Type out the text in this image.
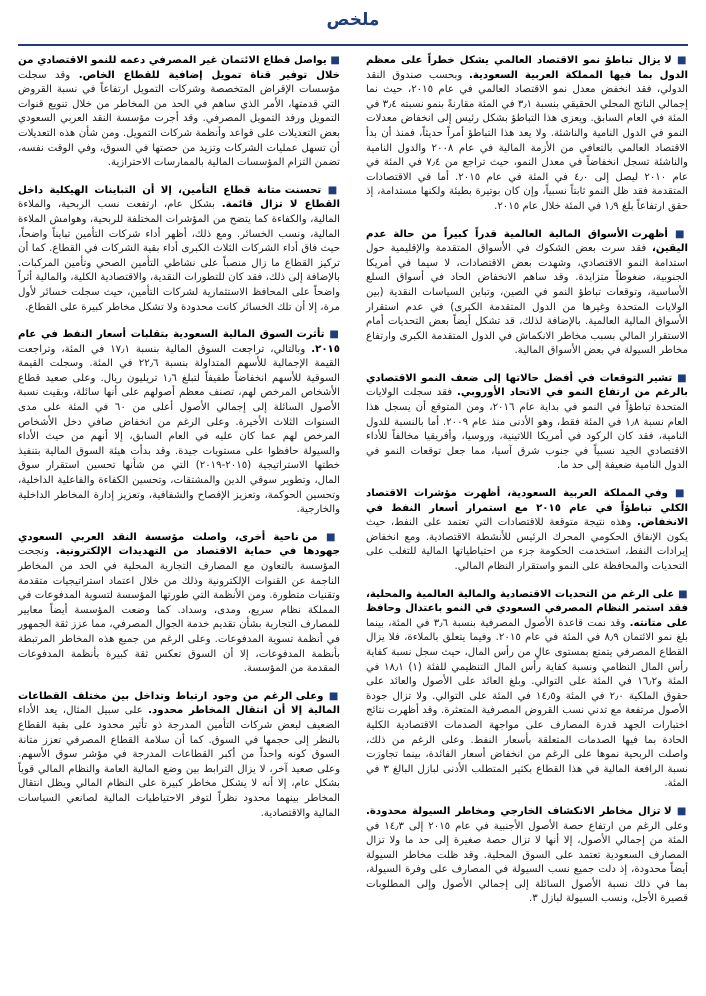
ملخص
■ لا يزال تباطؤ نمو الاقتصاد العالمي يشكل خطراً على معظم الدول بما فيها المملكة العربية السعودية. وبحسب صندوق النقد الدولي، فقد انخفض معدل نمو الاقتصاد العالمي في عام ٢٠١٥، حيث نما إجمالي الناتج المحلي الحقيقي بنسبة ٣٫١ في المئة مقارنةً بنمو نسبته ٣٫٤ في المئة في العام السابق. ويعزى هذا التباطؤ بشكل رئيس إلى انخفاض معدلات النمو في الدول النامية والناشئة. ولا يعد هذا التباطؤ أمراً حديثاً، فمنذ أن بدأ الاقتصاد العالمي بالتعافي من الأزمة المالية في عام ٢٠٠٨ والدول النامية والناشئة تسجل انخفاضاً في معدل النمو، حيث تراجع من ٧٫٤ في المئة في عام ٢٠١٠ ليصل إلى ٤٫٠ في المئة في عام ٢٠١٥. أما في الاقتصادات المتقدمة فقد ظل النمو ثابتاً نسبياً، وإن كان بوتيرة بطيئة ولكنها مستدامة، إذ حقق ارتفاعاً بلغ ١٫٩ في المئة خلال عام ٢٠١٥.
■ أظهرت الأسواق المالية العالمية قدراً كبيراً من حالة عدم اليقين، فقد سرت بعض الشكوك في الأسواق المتقدمة والإقليمية حول استدامة النمو الاقتصادي، وشهدت بعض الاقتصادات، لا سيما في أمريكا الجنوبية، ضغوطاً متزايدة. وقد ساهم الانخفاض الحاد في أسواق السلع الأساسية، وتوقعات تباطؤ النمو في الصين، وتباين السياسات النقدية (بين الولايات المتحدة وغيرها من الدول المتقدمة الكبرى) في عدم استقرار الأسواق المالية العالمية. بالإضافة لذلك، قد تشكل أيضاً بعض التحديات أمام الاستقرار المالي بسبب مخاطر الانكماش في الدول المتقدمة الكبرى وارتفاع مخاطر السيولة في بعض الأسواق المالية.
■ تشير التوقعات في أفضل حالاتها إلى ضعف النمو الاقتصادي بالرغم من ارتفاع النمو في الاتحاد الأوروبي. فقد سجلت الولايات المتحدة تباطؤاً في النمو في بداية عام ٢٠١٦، ومن المتوقع أن يسجل هذا العام نسبة ١٫٨ في المئة فقط، وهو الأدنى منذ عام ٢٠٠٩. أما بالنسبة للدول النامية، فقد كان الركود في أمريكا اللاتينية، وروسيا، وأفريقيا مخالفاً للأداء الاقتصادي الجيد نسبياً في جنوب شرق آسيا، مما جعل توقعات النمو في الدول النامية ضعيفة إلى حد ما.
■ وفي المملكة العربية السعودية، أظهرت مؤشرات الاقتصاد الكلي تباطؤاً في عام ٢٠١٥ مع استمرار أسعار النفط في الانخفاض. وهذه نتيجة متوقعة للاقتصادات التي تعتمد على النفط، حيث يكون الإنفاق الحكومي المحرك الرئيس للأنشطة الاقتصادية. ومع انخفاض إيرادات النفط، استخدمت الحكومة جزء من احتياطياتها المالية للتغلب على التحديات والمحافظة على النمو واستقرار النظام المالي.
■ على الرغم من التحديات الاقتصادية والمالية العالمية والمحلية، فقد استمر النظام المصرفي السعودي في النمو باعتدال وحافظ على متانته. وقد نمت قاعدة الأصول المصرفية بنسبة ٣٫٦ في المئة، بينما بلغ نمو الائتمان ٨٫٩ في المئة في عام ٢٠١٥. وفيما يتعلق بالملاءة، فلا يزال القطاع المصرفي يتمتع بمستوى عالٍ من رأس المال، حيث سجل نسبة كفاية رأس المال النظامي ونسبة كفاية رأس المال التنظيمي للفئة (١) ١٨٫١ في المئة و١٦٫٢ في المئة على التوالي. وبلغ العائد على الأصول والعائد على حقوق الملكية ٢٫٠ في المئة و١٤٫٥ في المئة على التوالي. ولا تزال جودة الأصول مرتفعة مع تدني نسب القروض المصرفية المتعثرة. وقد أظهرت نتائج اختبارات الجهد قدرة المصارف على مواجهة الصدمات الاقتصادية الكلية الحادة بما فيها الصدمات المتعلقة بأسعار النفط. وعلى الرغم من ذلك، واصلت الربحية نموها على الرغم من انخفاض أسعار الفائدة، بينما تجاوزت نسبة الرافعة المالية في هذا القطاع بكثير المتطلب الأدنى لبازل البالغ ٣ في المئة.
■ لا تزال مخاطر الانكشاف الخارجي ومخاطر السيولة محدودة. وعلى الرغم من ارتفاع حصة الأصول الأجنبية في عام ٢٠١٥ إلى ١٤٫٣ في المئة من إجمالي الأصول، إلا أنها لا تزال حصة صغيرة إلى حد ما ولا تزال المصارف السعودية تعتمد على السوق المحلية. وقد ظلت مخاطر السيولة أيضاً محدودة، إذ دلت جميع نسب السيولة في المصارف على وفرة السيولة، بما في ذلك نسبة الأصول السائلة إلى إجمالي الأصول وإلى المطلوبات قصيرة الأجل، ونسب السيولة لبازل ٣.
■ يواصل قطاع الائتمان غير المصرفي دعمه للنمو الاقتصادي من خلال توفير قناة تمويل إضافية للقطاع الخاص. وقد سجلت مؤسسات الإقراض المتخصصة وشركات التمويل ارتفاعاً في نسبة القروض التي قدمتها، الأمر الذي ساهم في الحد من المخاطر من خلال تنويع قنوات التمويل ورفد التمويل المصرفي. وقد أجرت مؤسسة النقد العربي السعودي بعض التعديلات على قواعد وأنظمة شركات التمويل. ومن شأن هذه التعديلات أن تسهل عمليات الشركات وتزيد من حصتها في السوق، وفي الوقت نفسه، تضمن التزام المؤسسات المالية بالممارسات الاحترازية.
■ تحسنت متانة قطاع التأمين، إلا أن التباينات الهيكلية داخل القطاع لا تزال قائمة. بشكل عام، ارتفعت نسب الربحية، والملاءة المالية، والكفاءة كما يتضح من المؤشرات المختلفة للربحية، وهوامش الملاءة المالية، ونسب الخسائر. ومع ذلك، أظهر أداء شركات التأمين تبايناً واضحاً، حيث فاق أداء الشركات الثلاث الكبرى أداء بقية الشركات في القطاع. كما أن تركيز القطاع ما زال منصباً على نشاطي التأمين الصحي وتأمين المركبات. بالإضافة إلى ذلك، فقد كان للتطورات النقدية، والاقتصادية الكلية، والمالية أثراً واضحاً على المحافظ الاستثمارية لشركات التأمين، حيث سجلت خسائر لأول مرة، إلا أن تلك الخسائر كانت محدودة ولا تشكل مخاطر كبيرة على القطاع.
■ تأثرت السوق المالية السعودية بتقلبات أسعار النفط في عام ٢٠١٥. وبالتالي، تراجعت السوق المالية بنسبة ١٧٫١ في المئة، وتراجعت القيمة الإجمالية للأسهم المتداولة بنسبة ٢٢٫٦ في المئة. وسجلت القيمة السوقية للأسهم انخفاضاً طفيفاً لتبلغ ١٫٦ تريليون ريال. وعلى صعيد قطاع الأشخاص المرخص لهم، تصنف معظم أصولهم على أنها سائلة، وبقيت نسبة الأصول السائلة إلى إجمالي الأصول أعلى من ٦٠ في المئة على مدى السنوات الثلاث الأخيرة. وعلى الرغم من انخفاض صافي دخل الأشخاص المرخص لهم عما كان عليه في العام السابق، إلا أنهم من حيث الأداء والسيولة حافظوا على مستويات جيدة. وقد بدأت هيئة السوق المالية بتنفيذ خطتها الاستراتيجية (٢٠١٥-٢٠١٩) التي من شأنها تحسين استقرار سوق المال، وتطوير سوقي الدين والمشتقات، وتحسين الكفاءة والفاعلية الداخلية، وتحسين الحوكمة، وتعزيز الإفصاح والشفافية، وتعزيز إدارة المخاطر الداخلية والخارجية.
■ من ناحية أخرى، واصلت مؤسسة النقد العربي السعودي جهودها في حماية الاقتصاد من التهديدات الإلكترونية. ونجحت المؤسسة بالتعاون مع المصارف التجارية المحلية في الحد من المخاطر الناجمة عن القنوات الإلكترونية وذلك من خلال اعتماد استراتيجيات متقدمة وتقنيات متطورة. ومن الأنظمة التي طورتها المؤسسة لتسوية المدفوعات في المملكة نظام سريع، ومدى، وسداد. كما وضعت المؤسسة أيضاً معايير للمصارف التجارية بشأن تقديم خدمة الجوال المصرفي، مما عزز ثقة الجمهور في أنظمة تسوية المدفوعات. وعلى الرغم من جميع هذه المخاطر المرتبطة بأنظمة المدفوعات، إلا أن السوق تعكس ثقة كبيرة بأنظمة المدفوعات المقدمة من المؤسسة.
■ وعلى الرغم من وجود ارتباط وتداخل بين مختلف القطاعات المالية إلا أن انتقال المخاطر محدود. على سبيل المثال، يعد الأداء الضعيف لبعض شركات التأمين المدرجة ذو تأثير محدود على بقية القطاع بالنظر إلى حجمها في السوق. كما أن سلامة القطاع المصرفي تعزز متانة السوق كونه واحداً من أكبر القطاعات المدرجة في مؤشر سوق الأسهم. وعلى صعيد آخر، لا يزال الترابط بين وضع المالية العامة والنظام المالي قوياً بشكل عام، إلا أنه لا يشكل مخاطر كبيرة على النظام المالي ويظل انتقال المخاطر بينهما محدود نظراً لتوفر الاحتياطيات المالية لصانعي السياسات المالية والاقتصادية.
